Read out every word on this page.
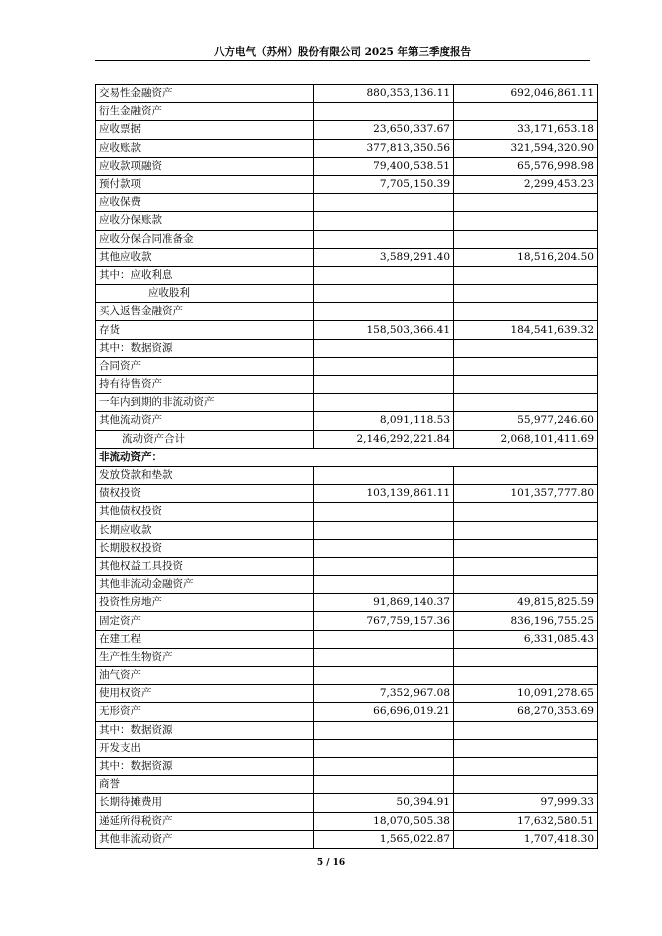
八方电气（苏州）股份有限公司 2025 年第三季度报告
交易性金融资产	880,353,136.11	692,046,861.11
衍生金融资产		
应收票据	23,650,337.67	33,171,653.18
应收账款	377,813,350.56	321,594,320.90
应收款项融资	79,400,538.51	65,576,998.98
预付款项	7,705,150.39	2,299,453.23
应收保费		
应收分保账款		
应收分保合同准备金		
其他应收款	3,589,291.40	18,516,204.50
其中：应收利息		
应收股利		
买入返售金融资产		
存货	158,503,366.41	184,541,639.32
其中：数据资源		
合同资产		
持有待售资产		
一年内到期的非流动资产		
其他流动资产	8,091,118.53	55,977,246.60
流动资产合计	2,146,292,221.84	2,068,101,411.69
非流动资产：		
发放贷款和垫款		
债权投资	103,139,861.11	101,357,777.80
其他债权投资		
长期应收款		
长期股权投资		
其他权益工具投资		
其他非流动金融资产		
投资性房地产	91,869,140.37	49,815,825.59
固定资产	767,759,157.36	836,196,755.25
在建工程		6,331,085.43
生产性生物资产		
油气资产		
使用权资产	7,352,967.08	10,091,278.65
无形资产	66,696,019.21	68,270,353.69
其中：数据资源		
开发支出		
其中：数据资源		
商誉		
长期待摊费用	50,394.91	97,999.33
递延所得税资产	18,070,505.38	17,632,580.51
其他非流动资产	1,565,022.87	1,707,418.30
5 / 16
